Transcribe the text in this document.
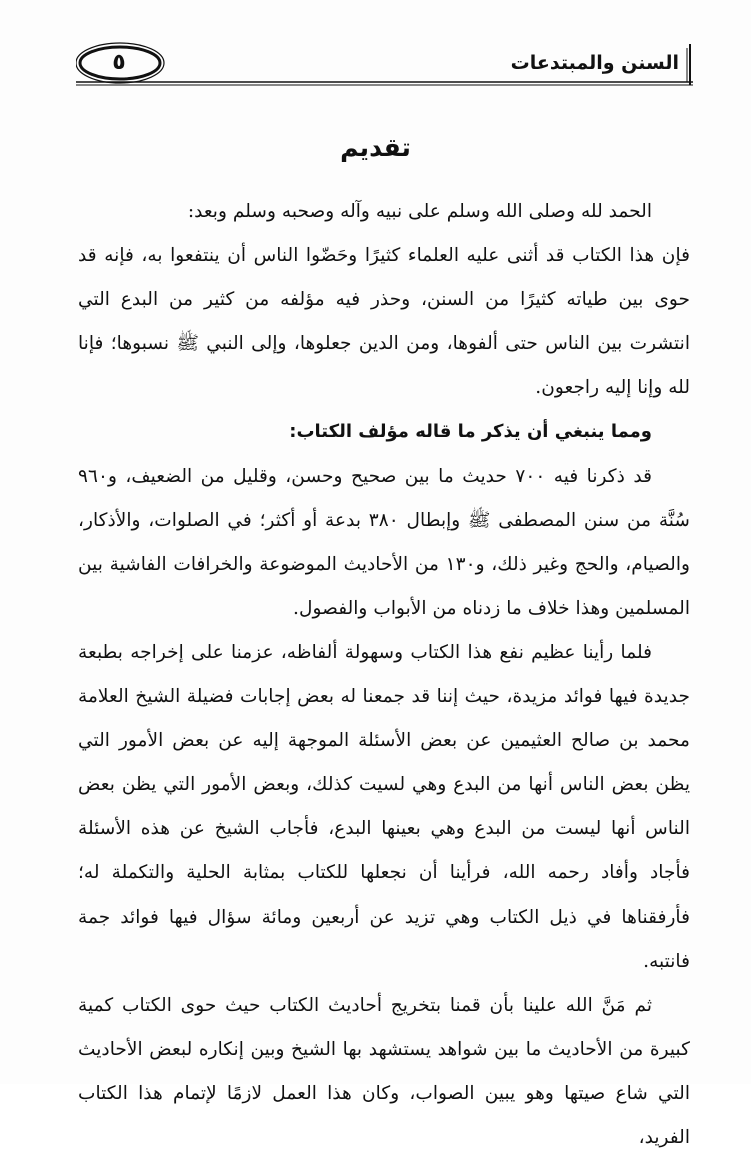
٥	السنن والمبتدعات
تقديم

الحمد لله وصلى الله وسلم على نبيه وآله وصحبه وسلم وبعد:

فإن هذا الكتاب قد أثنى عليه العلماء كثيرًا وحَضّوا الناس أن ينتفعوا به، فإنه قد حوى بين طياته كثيرًا من السنن، وحذر فيه مؤلفه من كثير من البدع التي انتشرت بين الناس حتى ألفوها، ومن الدين جعلوها، وإلى النبي ﷺ نسبوها؛ فإنا لله وإنا إليه راجعون.

ومما ينبغي أن يذكر ما قاله مؤلف الكتاب:

قد ذكرنا فيه ٧٠٠ حديث ما بين صحيح وحسن، وقليل من الضعيف، و٩٦٠ سُنَّة من سنن المصطفى ﷺ وإبطال ٣٨٠ بدعة أو أكثر؛ في الصلوات، والأذكار، والصيام، والحج وغير ذلك، و١٣٠ من الأحاديث الموضوعة والخرافات الفاشية بين المسلمين وهذا خلاف ما زدناه من الأبواب والفصول.

فلما رأينا عظيم نفع هذا الكتاب وسهولة ألفاظه، عزمنا على إخراجه بطبعة جديدة فيها فوائد مزيدة، حيث إننا قد جمعنا له بعض إجابات فضيلة الشيخ العلامة محمد بن صالح العثيمين عن بعض الأسئلة الموجهة إليه عن بعض الأمور التي يظن بعض الناس أنها من البدع وهي لسيت كذلك، وبعض الأمور التي يظن بعض الناس أنها ليست من البدع وهي بعينها البدع، فأجاب الشيخ عن هذه الأسئلة فأجاد وأفاد رحمه الله، فرأينا أن نجعلها للكتاب بمثابة الحلية والتكملة له؛ فأرفقناها في ذيل الكتاب وهي تزيد عن أربعين ومائة سؤال فيها فوائد جمة فانتبه.

ثم مَنَّ الله علينا بأن قمنا بتخريج أحاديث الكتاب حيث حوى الكتاب كمية كبيرة من الأحاديث ما بين شواهد يستشهد بها الشيخ وبين إنكاره لبعض الأحاديث التي شاع صيتها وهو يبين الصواب، وكان هذا العمل لازمًا لإتمام هذا الكتاب الفريد،
